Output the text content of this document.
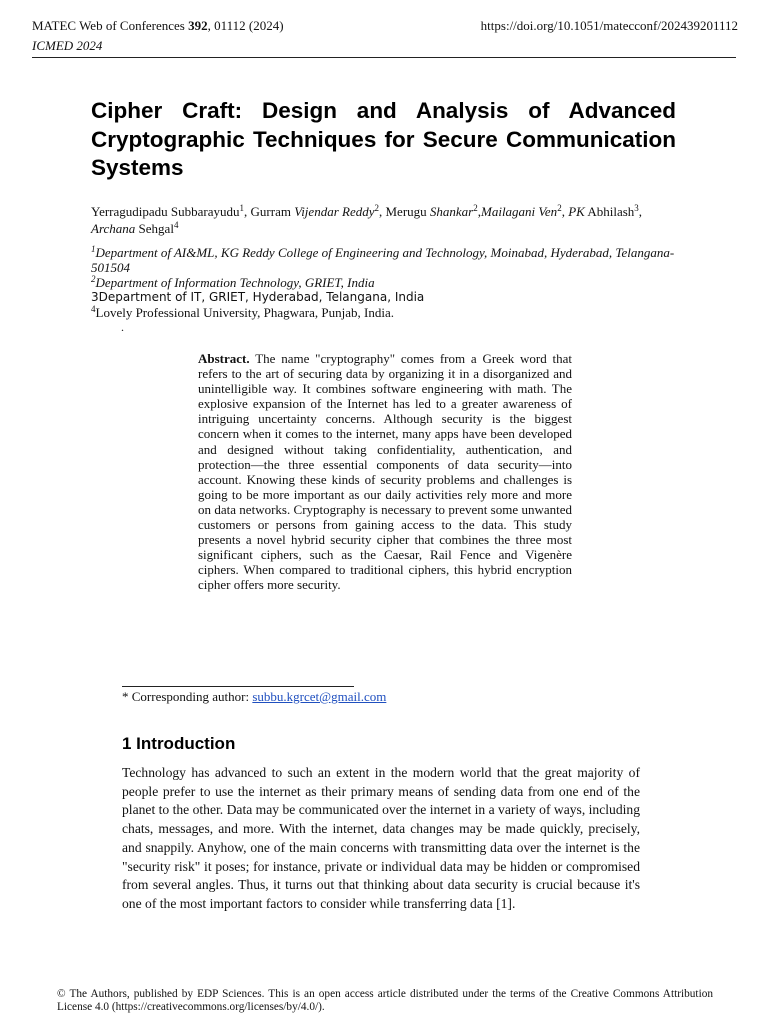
MATEC Web of Conferences 392, 01112 (2024)
ICMED 2024
https://doi.org/10.1051/matecconf/202439201112
Cipher Craft: Design and Analysis of Advanced Cryptographic Techniques for Secure Communication Systems
Yerragudipadu Subbarayudu$^1$, Gurram Vijendar Reddy$^2$, Merugu Shankar$^2$,Mailagani Ven$^2$, PK Abhilash$^3$, Archana Sehgal$^4$
$^1$Department of AI&ML, KG Reddy College of Engineering and Technology, Moinabad, Hyderabad, Telangana-501504
$^2$Department of Information Technology, GRIET, India
3Department of IT, GRIET, Hyderabad, Telangana, India
$^4$Lovely Professional University, Phagwara, Punjab, India.
.
Abstract. The name "cryptography" comes from a Greek word that refers to the art of securing data by organizing it in a disorganized and unintelligible way. It combines software engineering with math. The explosive expansion of the Internet has led to a greater awareness of intriguing uncertainty concerns. Although security is the biggest concern when it comes to the internet, many apps have been developed and designed without taking confidentiality, authentication, and protection—the three essential components of data security—into account. Knowing these kinds of security problems and challenges is going to be more important as our daily activities rely more and more on data networks. Cryptography is necessary to prevent some unwanted customers or persons from gaining access to the data. This study presents a novel hybrid security cipher that combines the three most significant ciphers, such as the Caesar, Rail Fence and Vigenère ciphers. When compared to traditional ciphers, this hybrid encryption cipher offers more security.
* Corresponding author: subbu.kgrcet@gmail.com
1 Introduction
Technology has advanced to such an extent in the modern world that the great majority of people prefer to use the internet as their primary means of sending data from one end of the planet to the other. Data may be communicated over the internet in a variety of ways, including chats, messages, and more. With the internet, data changes may be made quickly, precisely, and snappily. Anyhow, one of the main concerns with transmitting data over the internet is the "security risk" it poses; for instance, private or individual data may be hidden or compromised from several angles. Thus, it turns out that thinking about data security is crucial because it's one of the most important factors to consider while transferring data [1].
© The Authors, published by EDP Sciences. This is an open access article distributed under the terms of the Creative Commons Attribution License 4.0 (https://creativecommons.org/licenses/by/4.0/).
